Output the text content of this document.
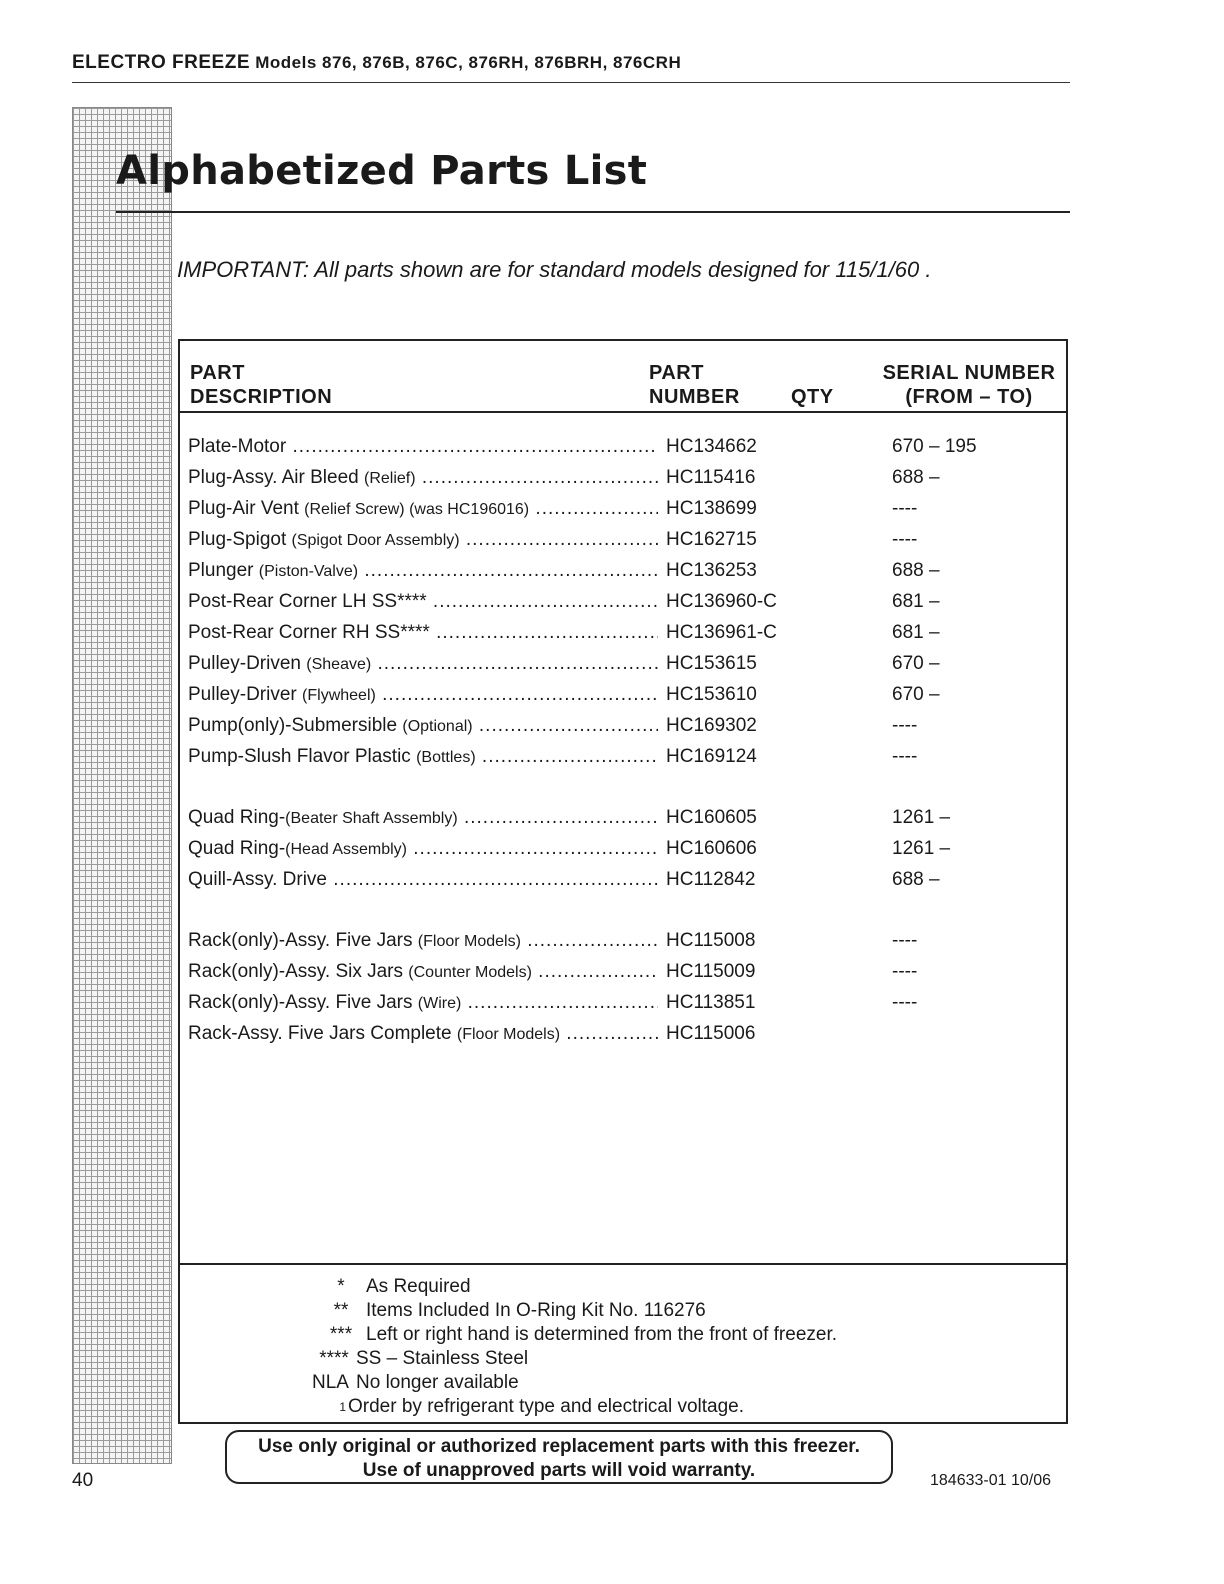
ELECTRO FREEZE Models 876, 876B, 876C, 876RH, 876BRH, 876CRH
Alphabetized Parts List
IMPORTANT: All parts shown are for standard models designed for 115/1/60 .
PART
DESCRIPTION
PART
NUMBER	QTY
SERIAL NUMBER
(FROM – TO)
Plate-Motor .....	HC134662	670 – 195
Plug-Assy. Air Bleed (Relief) .....	HC115416	688 –
Plug-Air Vent (Relief Screw) (was HC196016) .....	HC138699	----
Plug-Spigot (Spigot Door Assembly) .....	HC162715	----
Plunger (Piston-Valve) .....	HC136253	688 –
Post-Rear Corner LH SS**** .....	HC136960-C	681 –
Post-Rear Corner RH SS**** .....	HC136961-C	681 –
Pulley-Driven (Sheave) .....	HC153615	670 –
Pulley-Driver (Flywheel) .....	HC153610	670 –
Pump(only)-Submersible (Optional) .....	HC169302	----
Pump-Slush Flavor Plastic (Bottles) .....	HC169124	----
Quad Ring-(Beater Shaft Assembly) .....	HC160605	1261 –
Quad Ring-(Head Assembly) .....	HC160606	1261 –
Quill-Assy. Drive .....	HC112842	688 –
Rack(only)-Assy. Five Jars (Floor Models) .....	HC115008	----
Rack(only)-Assy. Six Jars (Counter Models) .....	HC115009	----
Rack(only)-Assy. Five Jars (Wire) .....	HC113851	----
Rack-Assy. Five Jars Complete (Floor Models) .....	HC115006
* As Required
** Items Included In O-Ring Kit No. 116276
*** Left or right hand is determined from the front of freezer.
**** SS – Stainless Steel
NLA No longer available
1 Order by refrigerant type and electrical voltage.
Use only original or authorized replacement parts with this freezer.
Use of unapproved parts will void warranty.
40	184633-01 10/06
